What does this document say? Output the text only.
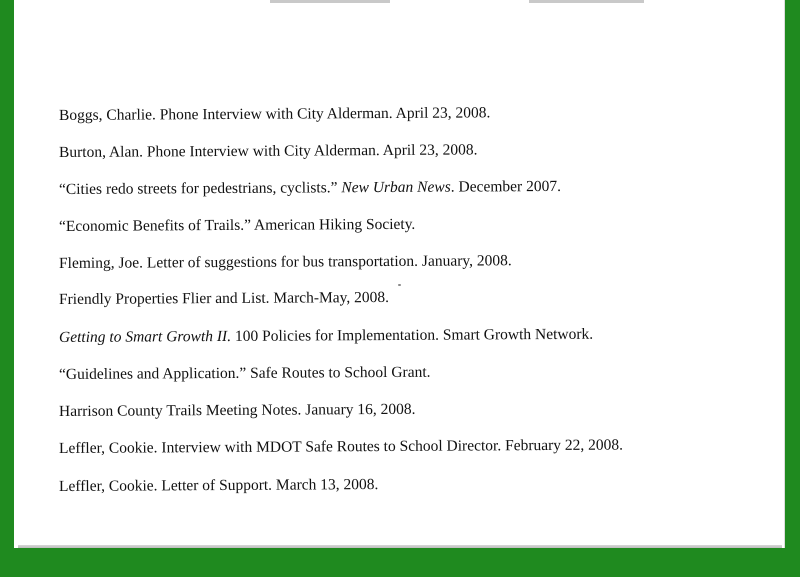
Boggs, Charlie. Phone Interview with City Alderman. April 23, 2008.
Burton, Alan. Phone Interview with City Alderman. April 23, 2008.
“Cities redo streets for pedestrians, cyclists.” New Urban News. December 2007.
“Economic Benefits of Trails.” American Hiking Society.
Fleming, Joe. Letter of suggestions for bus transportation. January, 2008.
Friendly Properties Flier and List. March-May, 2008.
Getting to Smart Growth II. 100 Policies for Implementation. Smart Growth Network.
“Guidelines and Application.” Safe Routes to School Grant.
Harrison County Trails Meeting Notes. January 16, 2008.
Leffler, Cookie. Interview with MDOT Safe Routes to School Director. February 22, 2008.
Leffler, Cookie. Letter of Support. March 13, 2008.
